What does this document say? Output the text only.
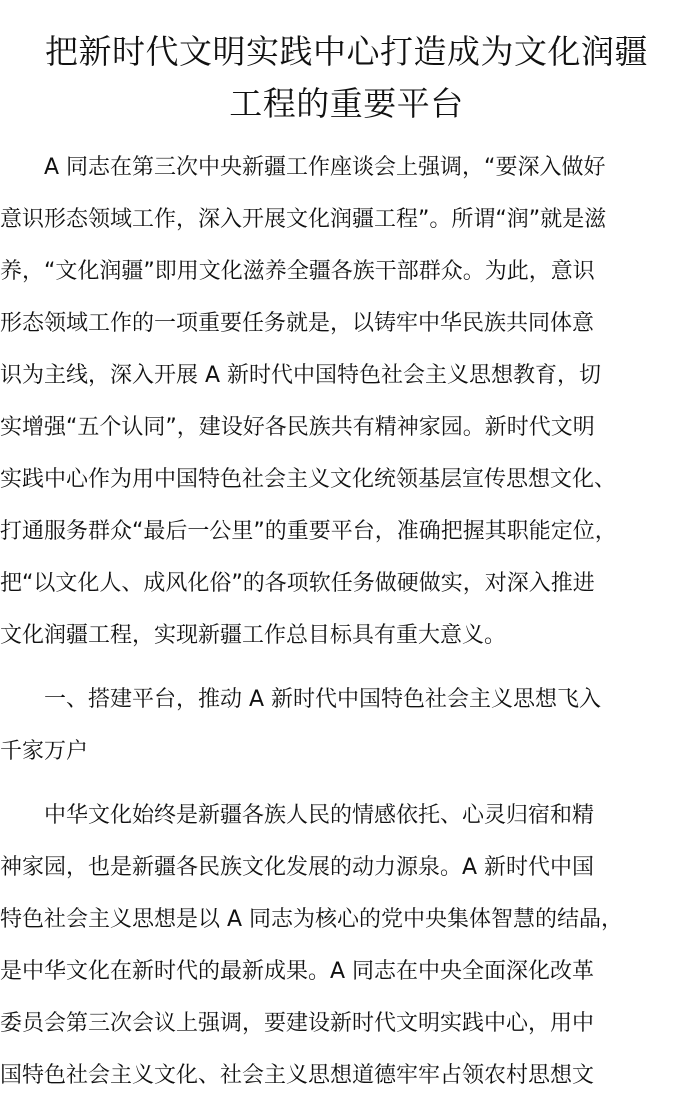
把新时代文明实践中心打造成为文化润疆
工程的重要平台

　　A 同志在第三次中央新疆工作座谈会上强调，“要深入做好
意识形态领域工作，深入开展文化润疆工程”。所谓“润”就是滋
养，“文化润疆”即用文化滋养全疆各族干部群众。为此，意识
形态领域工作的一项重要任务就是，以铸牢中华民族共同体意
识为主线，深入开展 A 新时代中国特色社会主义思想教育，切
实增强“五个认同”，建设好各民族共有精神家园。新时代文明
实践中心作为用中国特色社会主义文化统领基层宣传思想文化、
打通服务群众“最后一公里”的重要平台，准确把握其职能定位，
把“以文化人、成风化俗”的各项软任务做硬做实，对深入推进
文化润疆工程，实现新疆工作总目标具有重大意义。

　　一、搭建平台，推动 A 新时代中国特色社会主义思想飞入
千家万户

　　中华文化始终是新疆各族人民的情感依托、心灵归宿和精
神家园，也是新疆各民族文化发展的动力源泉。A 新时代中国
特色社会主义思想是以 A 同志为核心的党中央集体智慧的结晶，
是中华文化在新时代的最新成果。A 同志在中央全面深化改革
委员会第三次会议上强调，要建设新时代文明实践中心，用中
国特色社会主义文化、社会主义思想道德牢牢占领农村思想文
